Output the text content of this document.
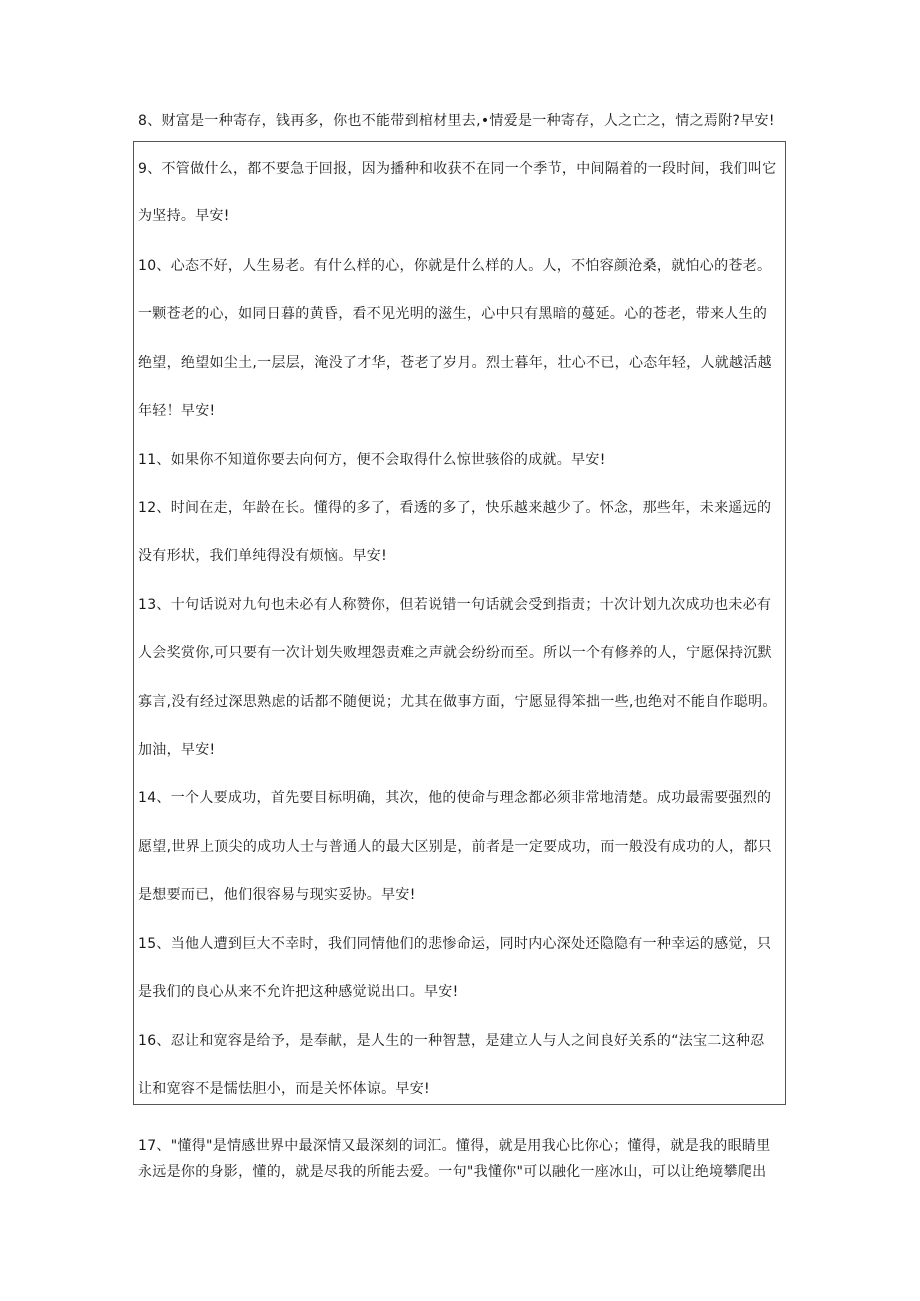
8、财富是一种寄存，钱再多，你也不能带到棺材里去,•情爱是一种寄存，人之亡之，情之焉附?早安!

9、不管做什么，都不要急于回报，因为播种和收获不在同一个季节，中间隔着的一段时间，我们叫它

为坚持。早安!

10、心态不好，人生易老。有什么样的心，你就是什么样的人。人，不怕容颜沧桑，就怕心的苍老。

一颗苍老的心，如同日暮的黄昏，看不见光明的滋生，心中只有黑暗的蔓延。心的苍老，带来人生的

绝望，绝望如尘土,一层层，淹没了才华，苍老了岁月。烈士暮年，壮心不已，心态年轻，人就越活越

年轻！早安!

11、如果你不知道你要去向何方，便不会取得什么惊世骇俗的成就。早安!

12、时间在走，年龄在长。懂得的多了，看透的多了，快乐越来越少了。怀念，那些年，未来遥远的

没有形状，我们单纯得没有烦恼。早安!

13、十句话说对九句也未必有人称赞你，但若说错一句话就会受到指责；十次计划九次成功也未必有

人会奖赏你,可只要有一次计划失败埋怨责难之声就会纷纷而至。所以一个有修养的人，宁愿保持沉默

寡言,没有经过深思熟虑的话都不随便说；尤其在做事方面，宁愿显得笨拙一些,也绝对不能自作聪明。

加油，早安!

14、一个人要成功，首先要目标明确，其次，他的使命与理念都必须非常地清楚。成功最需要强烈的

愿望,世界上顶尖的成功人士与普通人的最大区别是，前者是一定要成功，而一般没有成功的人，都只

是想要而已，他们很容易与现实妥协。早安!

15、当他人遭到巨大不幸时，我们同情他们的悲惨命运，同时内心深处还隐隐有一种幸运的感觉，只

是我们的良心从来不允许把这种感觉说出口。早安!

16、忍让和宽容是给予，是奉献，是人生的一种智慧，是建立人与人之间良好关系的“法宝二这种忍

让和宽容不是懦怯胆小，而是关怀体谅。早安!

17、"懂得"是情感世界中最深情又最深刻的词汇。懂得，就是用我心比你心；懂得，就是我的眼睛里

永远是你的身影，懂的，就是尽我的所能去爱。一句"我懂你"可以融化一座冰山，可以让绝境攀爬出
